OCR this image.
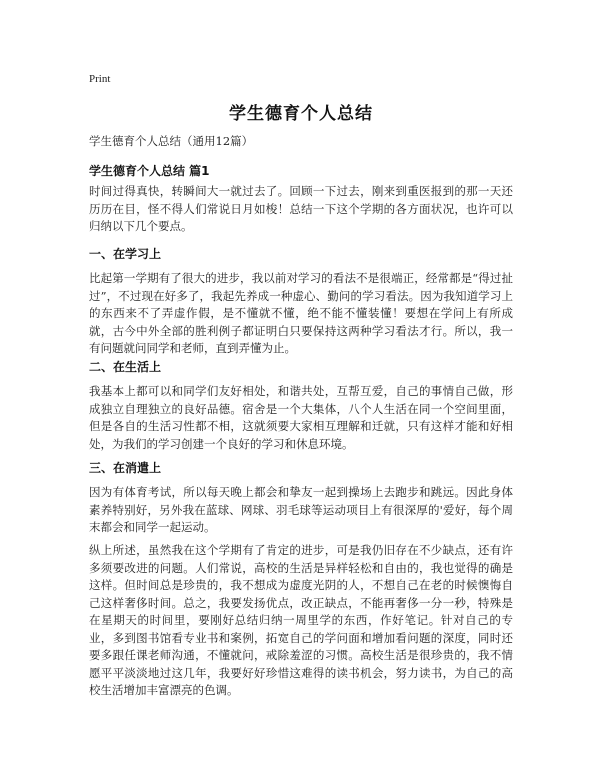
Print
学生德育个人总结
学生德育个人总结（通用12篇）
学生德育个人总结 篇1
时间过得真快，转瞬间大一就过去了。回顾一下过去，刚来到重医报到的那一天还历历在目，怪不得人们常说日月如梭！总结一下这个学期的各方面状况，也许可以归纳以下几个要点。
一、在学习上
比起第一学期有了很大的进步，我以前对学习的看法不是很端正，经常都是“得过扯过”，不过现在好多了，我起先养成一种虚心、勤问的学习看法。因为我知道学习上的东西来不了弄虚作假，是不懂就不懂，绝不能不懂装懂！要想在学问上有所成就，古今中外全部的胜利例子都证明白只要保持这两种学习看法才行。所以，我一有问题就问同学和老师，直到弄懂为止。
二、在生活上
我基本上都可以和同学们友好相处，和谐共处，互帮互爱，自己的事情自己做，形成独立自理独立的良好品德。宿舍是一个大集体，八个人生活在同一个空间里面，但是各自的生活习性都不相，这就须要大家相互理解和迁就，只有这样才能和好相处，为我们的学习创建一个良好的学习和休息环境。
三、在消遣上
因为有体育考试，所以每天晚上都会和挚友一起到操场上去跑步和跳远。因此身体素养特别好，另外我在蓝球、网球、羽毛球等运动项目上有很深厚的'爱好，每个周末都会和同学一起运动。
纵上所述，虽然我在这个学期有了肯定的进步，可是我仍旧存在不少缺点，还有许多须要改进的问题。人们常说，高校的生活是异样轻松和自由的，我也觉得的确是这样。但时间总是珍贵的，我不想成为虚度光阴的人，不想自己在老的时候懊悔自己这样奢侈时间。总之，我要发扬优点，改正缺点，不能再奢侈一分一秒，特殊是在星期天的时间里，要刚好总结归纳一周里学的东西，作好笔记。针对自己的专业，多到图书馆看专业书和案例，拓宽自己的学问面和增加看问题的深度，同时还要多跟任课老师沟通，不懂就问，戒除羞涩的习惯。高校生活是很珍贵的，我不情愿平平淡淡地过这几年，我要好好珍惜这难得的读书机会，努力读书，为自己的高校生活增加丰富漂亮的色调。
